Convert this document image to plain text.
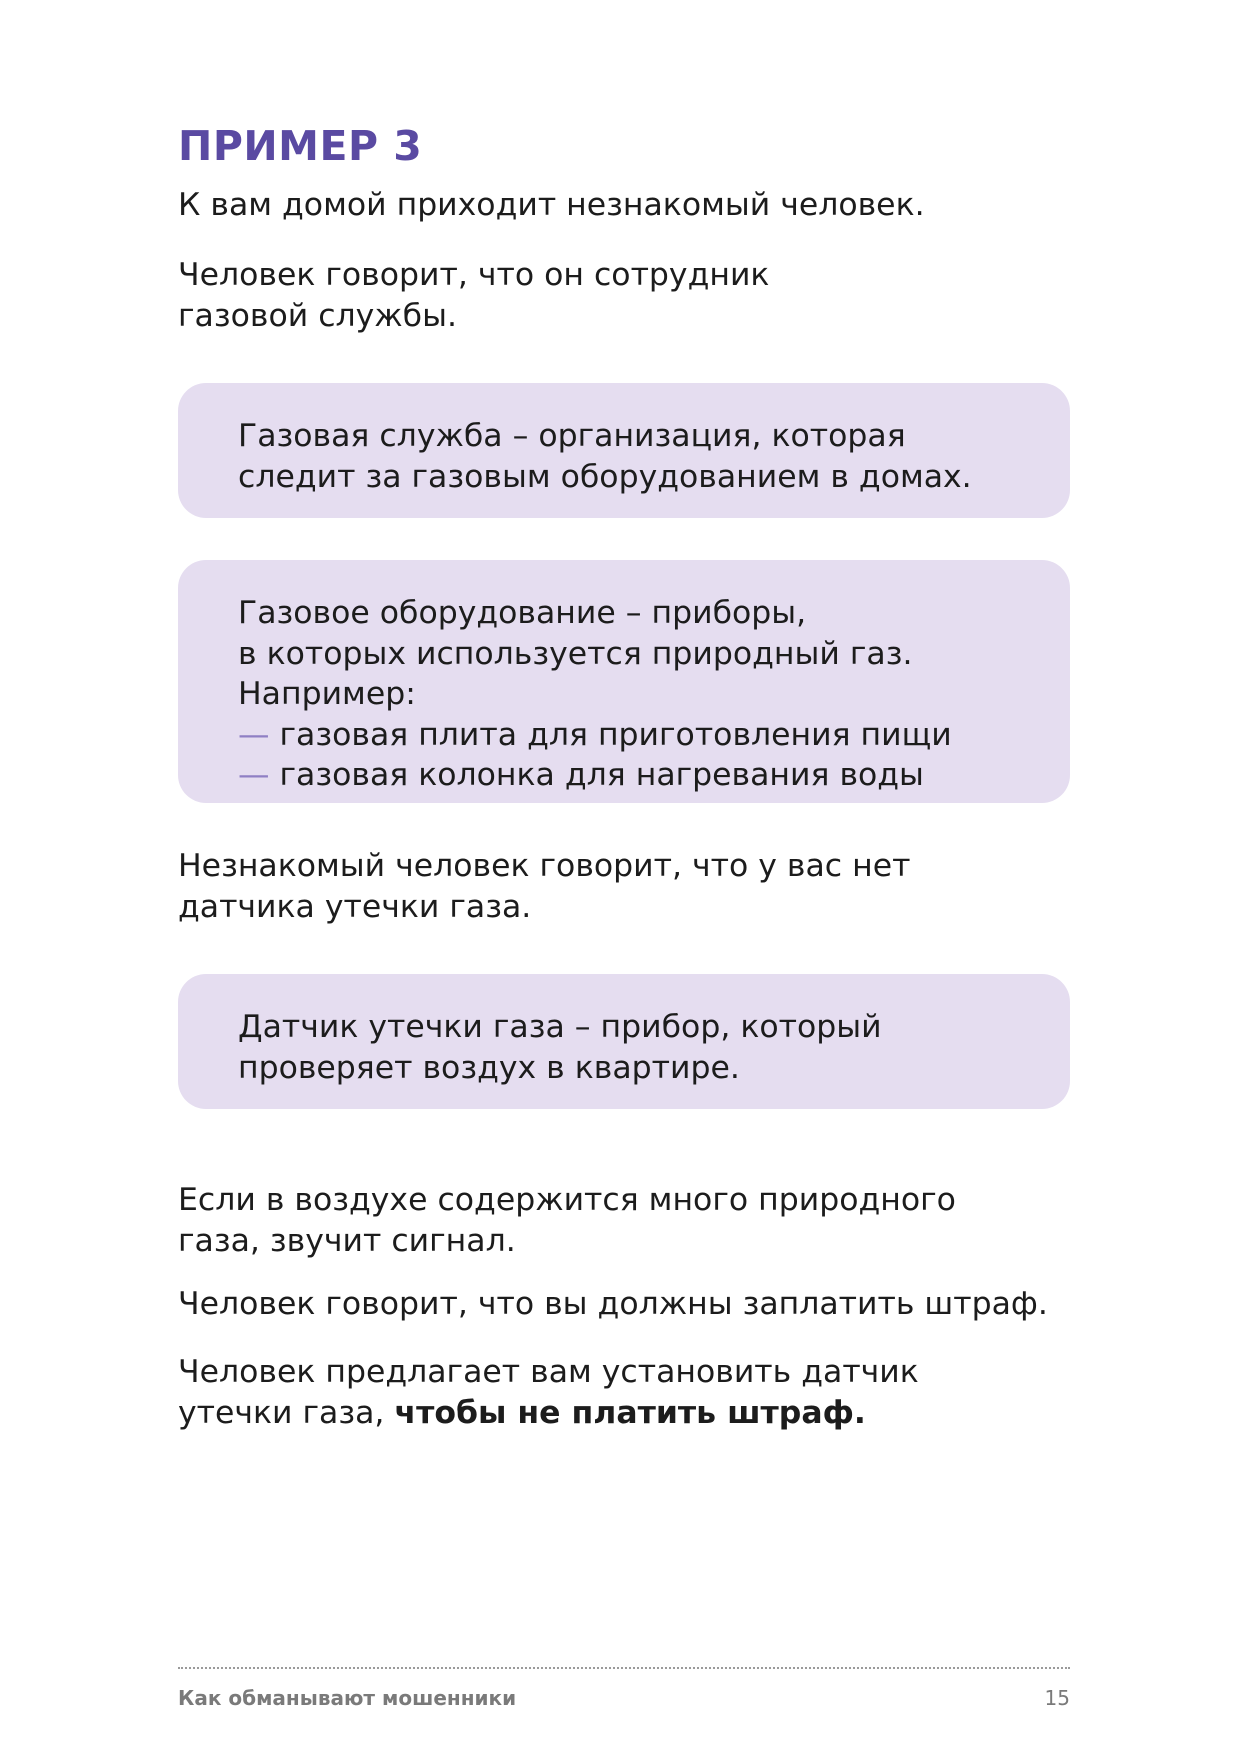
ПРИМЕР 3
К вам домой приходит незнакомый человек.
Человек говорит, что он сотрудник
газовой службы.
Газовая служба – организация, которая
следит за газовым оборудованием в домах.
Газовое оборудование – приборы,
в которых используется природный газ.
Например:
— газовая плита для приготовления пищи
— газовая колонка для нагревания воды
Незнакомый человек говорит, что у вас нет
датчика утечки газа.
Датчик утечки газа – прибор, который
проверяет воздух в квартире.
Если в воздухе содержится много природного
газа, звучит сигнал.
Человек говорит, что вы должны заплатить штраф.
Человек предлагает вам установить датчик
утечки газа, чтобы не платить штраф.
Как обманывают мошенники	15
